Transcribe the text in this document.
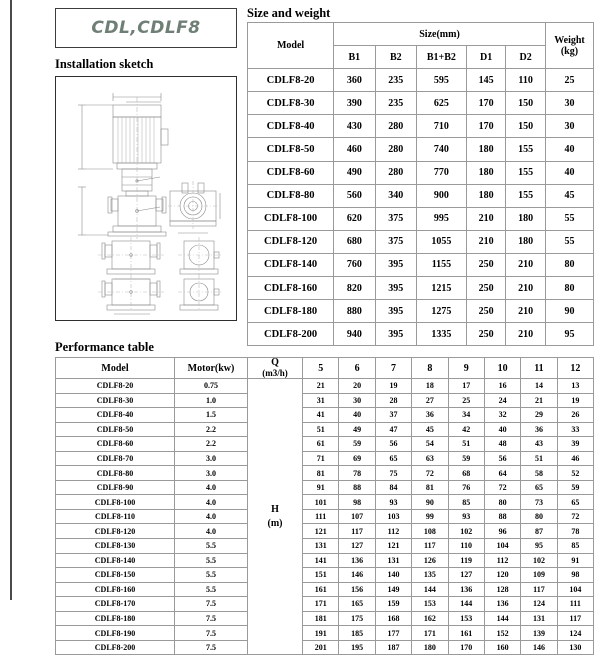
CDL,CDLF8
Installation sketch
Size and weight
Model	Size(mm)					Weight
(kg)

	B1	B2	B1+B2	D1	D2	
CDLF8-20	360	235	595	145	110	25
CDLF8-30	390	235	625	170	150	30
CDLF8-40	430	280	710	170	150	30
CDLF8-50	460	280	740	180	155	40
CDLF8-60	490	280	770	180	155	40
CDLF8-80	560	340	900	180	155	45
CDLF8-100	620	375	995	210	180	55
CDLF8-120	680	375	1055	210	180	55
CDLF8-140	760	395	1155	250	210	80
CDLF8-160	820	395	1215	250	210	80
CDLF8-180	880	395	1275	250	210	90
CDLF8-200	940	395	1335	250	210	95
Performance table
Model	Motor(kw)	Q
(m3/h)	5	6	7	8	9	10	11	12
CDLF8-20	0.75	H
(m)	21	20	19	18	17	16	14	13
CDLF8-30	1.0		31	30	28	27	25	24	21	19
CDLF8-40	1.5		41	40	37	36	34	32	29	26
CDLF8-50	2.2		51	49	47	45	42	40	36	33
CDLF8-60	2.2		61	59	56	54	51	48	43	39
CDLF8-70	3.0		71	69	65	63	59	56	51	46
CDLF8-80	3.0		81	78	75	72	68	64	58	52
CDLF8-90	4.0		91	88	84	81	76	72	65	59
CDLF8-100	4.0		101	98	93	90	85	80	73	65
CDLF8-110	4.0		111	107	103	99	93	88	80	72
CDLF8-120	4.0		121	117	112	108	102	96	87	78
CDLF8-130	5.5		131	127	121	117	110	104	95	85
CDLF8-140	5.5		141	136	131	126	119	112	102	91
CDLF8-150	5.5		151	146	140	135	127	120	109	98
CDLF8-160	5.5		161	156	149	144	136	128	117	104
CDLF8-170	7.5		171	165	159	153	144	136	124	111
CDLF8-180	7.5		181	175	168	162	153	144	131	117
CDLF8-190	7.5		191	185	177	171	161	152	139	124
CDLF8-200	7.5		201	195	187	180	170	160	146	130
